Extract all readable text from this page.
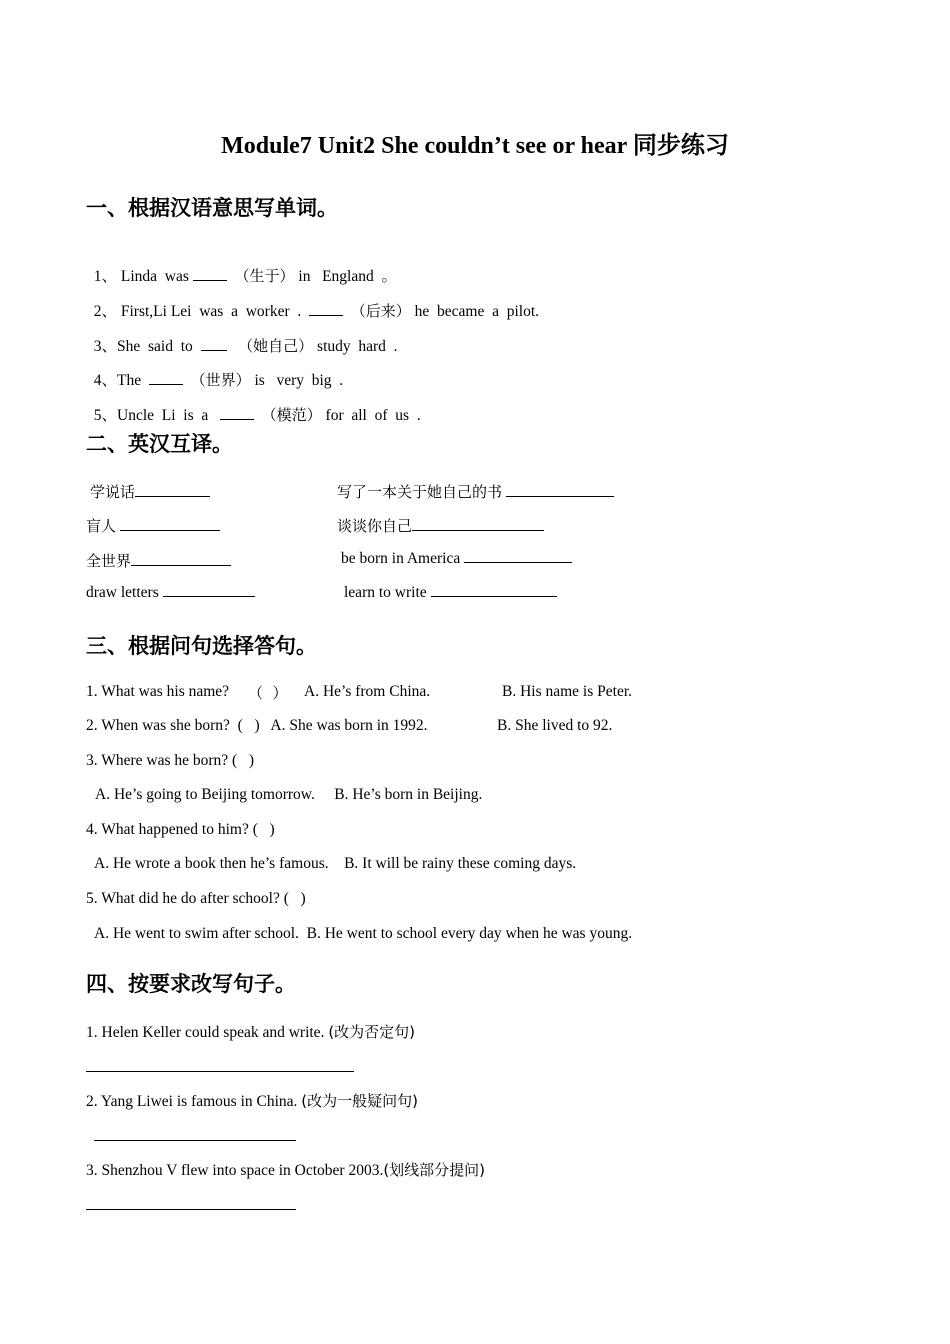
Module7 Unit2 She couldn’t see or hear 同步练习
一、根据汉语意思写单词。

1、 Linda  was	（生于） in   England  。

2、 First,Li Lei  was  a  worker  .	（后来） he  became  a  pilot.

3、She  said  to	（她自己） study  hard  .

4、The	（世界） is   very  big  .

5、Uncle  Li  is  a	（模范） for  all  of  us  .

二、英汉互译。
学说话	写了一本关于她自己的书
盲人	谈谈你自己
全世界	be born in America
draw letters	learn to write
三、根据问句选择答句。
1. What was his name? （  ） A. He’s from China.	B. His name is Peter.
2. When was she born?  (   )   A. She was born in 1992.	B. She lived to 92.
3. Where was he born? (   )
A. He’s going to Beijing tomorrow.     B. He’s born in Beijing.
4. What happened to him? (   )
A. He wrote a book then he’s famous.    B. It will be rainy these coming days.
5. What did he do after school? (   )
A. He went to swim after school.  B. He went to school every day when he was young.
四、按要求改写句子。
1. Helen Keller could speak and write. (改为否定句)
2. Yang Liwei is famous in China. (改为一般疑问句)
3. Shenzhou V flew into space in October 2003.(划线部分提问)
